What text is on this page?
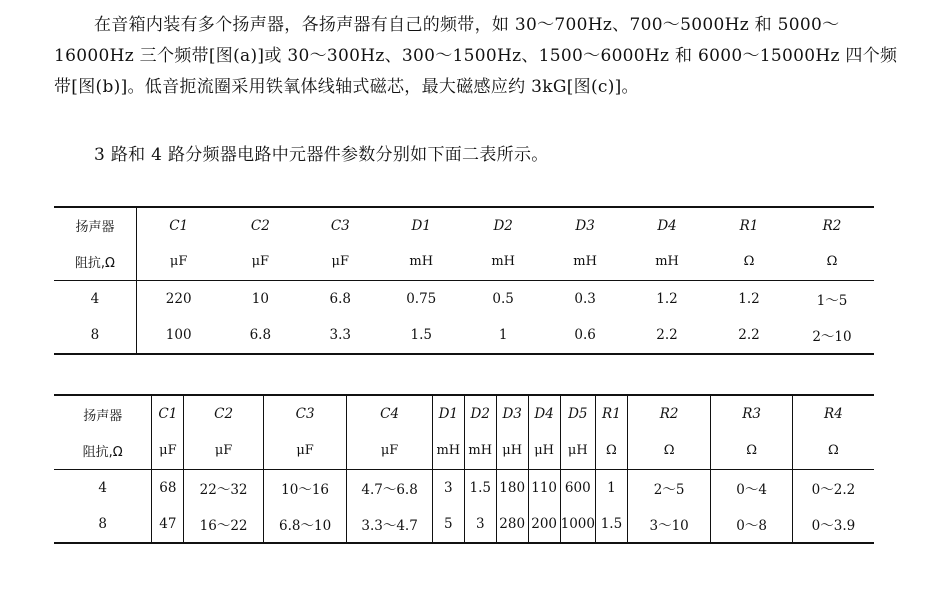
在音箱内装有多个扬声器，各扬声器有自己的频带，如 30～700Hz、700～5000Hz 和 5000～16000Hz 三个频带[图(a)]或 30～300Hz、300～1500Hz、1500～6000Hz 和 6000～15000Hz 四个频带[图(b)]。低音扼流圈采用铁氧体线轴式磁芯，最大磁感应约 3kG[图(c)]。

3 路和 4 路分频器电路中元器件参数分别如下面二表所示。

扬声器	C1	C2	C3	D1	D2	D3	D4	R1	R2
阻抗,Ω	μF	μF	μF	mH	mH	mH	mH	Ω	Ω
4	220	10	6.8	0.75	0.5	0.3	1.2	1.2	1～5
8	100	6.8	3.3	1.5	1	0.6	2.2	2.2	2～10
扬声器	C1	C2	C3	C4	D1	D2	D3	D4	D5	R1	R2	R3	R4
阻抗,Ω	μF	μF	μF	μF	mH	mH	μH	μH	μH	Ω	Ω	Ω	Ω
4	68	22～32	10～16	4.7～6.8	3	1.5	180	110	600	1	2～5	0～4	0～2.2
8	47	16～22	6.8～10	3.3～4.7	5	3	280	200	1000	1.5	3～10	0～8	0～3.9
